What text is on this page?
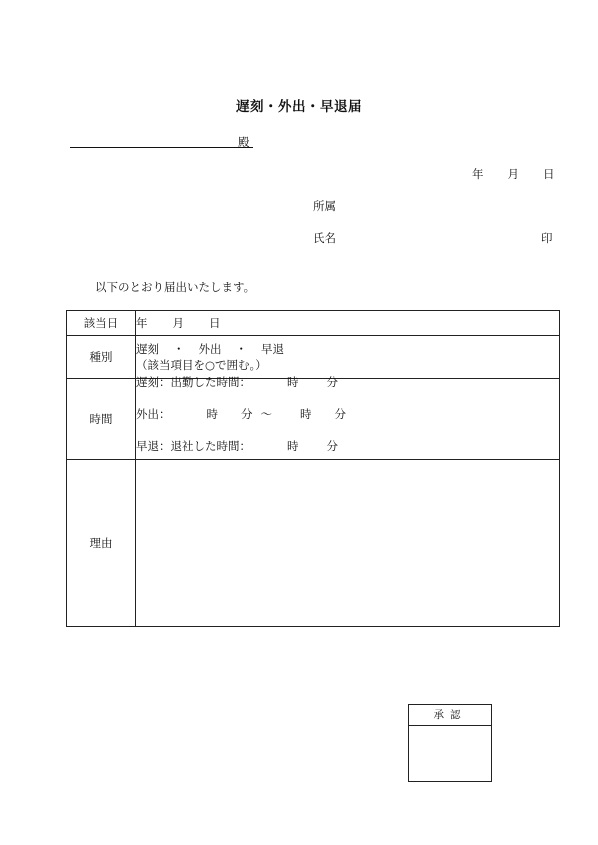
遅刻・外出・早退届
殿
年 月 日
所属
氏名	印
以下のとおり届出いたします。
該当日	年 月 日
種別	遅刻 ・ 外出 ・ 早退
（該当項目を○で囲む。）

時間	遅刻：出勤した時間： 時 分

外出： 時 分 ～ 時 分

早退：退社した時間： 時 分

理由	
承認
